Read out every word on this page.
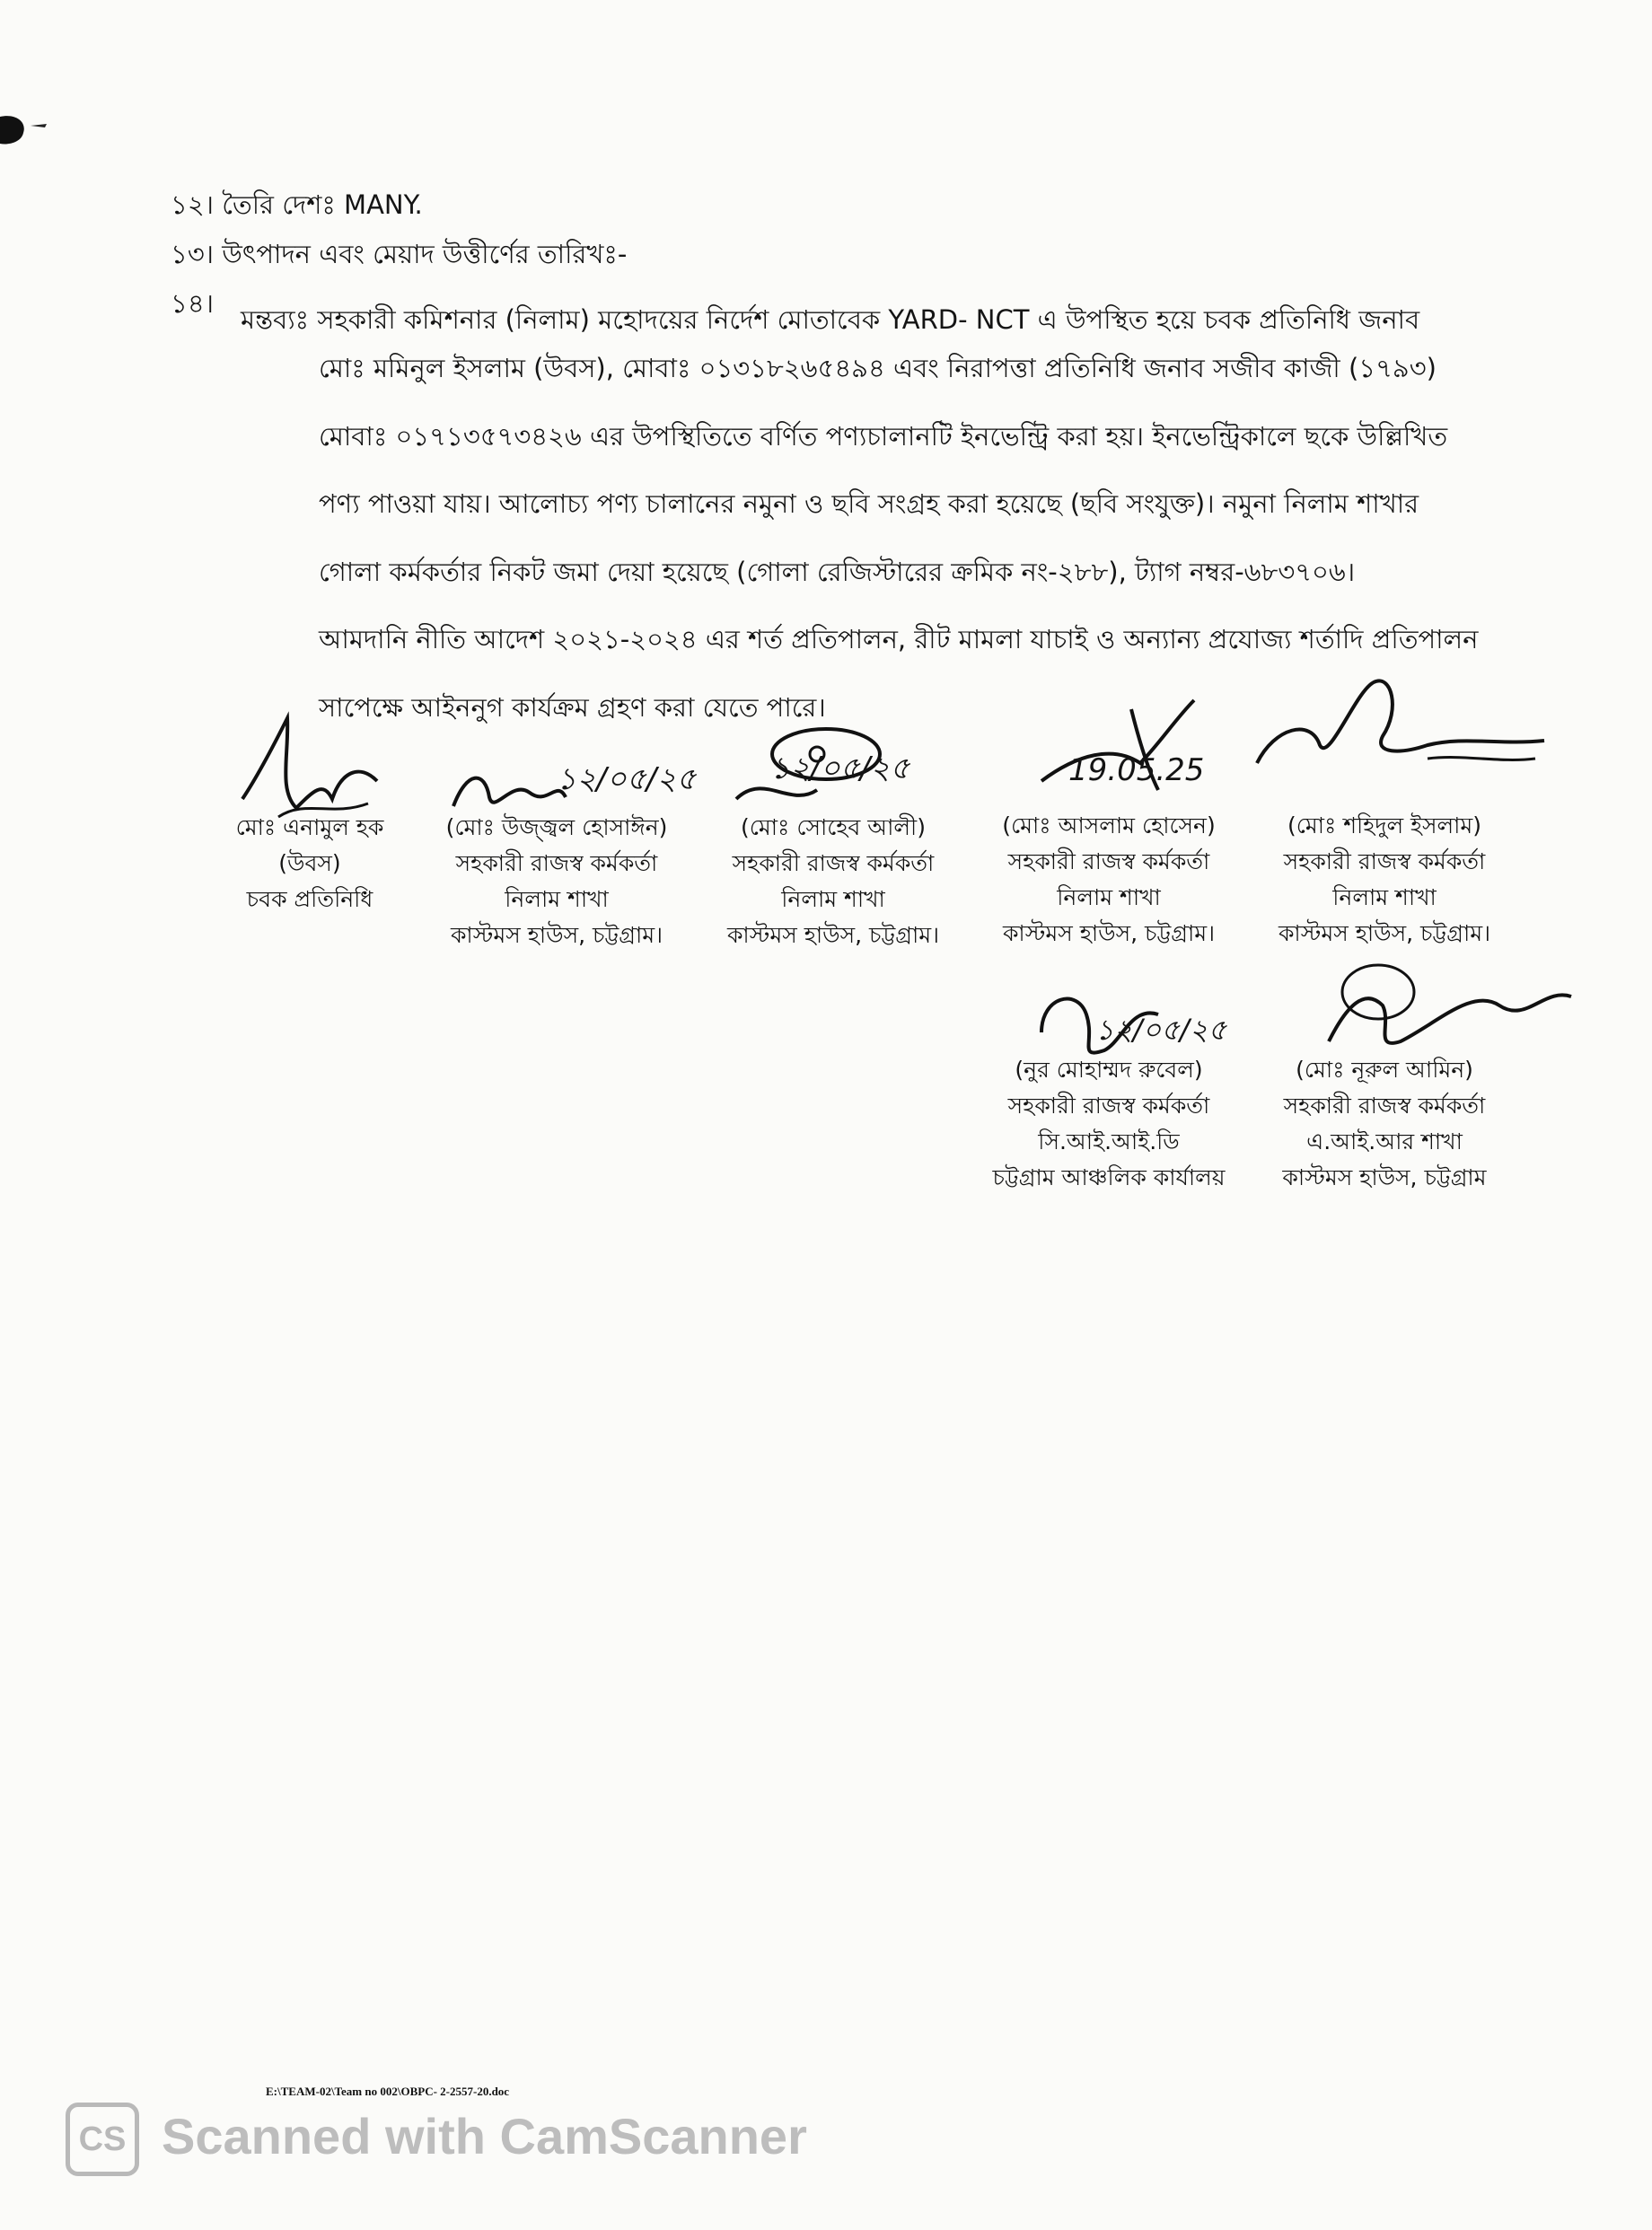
১২। তৈরি দেশঃ MANY.
১৩। উৎপাদন এবং মেয়াদ উত্তীর্ণের তারিখঃ-
১৪।
মন্তব্যঃ সহকারী কমিশনার (নিলাম) মহোদয়ের নির্দেশ মোতাবেক YARD- NCT এ উপস্থিত হয়ে চবক প্রতিনিধি জনাব
মোঃ মমিনুল ইসলাম (উবস), মোবাঃ ০১৩১৮২৬৫৪৯৪ এবং নিরাপত্তা প্রতিনিধি জনাব সজীব কাজী (১৭৯৩)
মোবাঃ ০১৭১৩৫৭৩৪২৬ এর উপস্থিতিতে বর্ণিত পণ্যচালানটি ইনভেন্ট্রি করা হয়। ইনভেন্ট্রিকালে ছকে উল্লিখিত
পণ্য পাওয়া যায়। আলোচ্য পণ্য চালানের নমুনা ও ছবি সংগ্রহ করা হয়েছে (ছবি সংযুক্ত)। নমুনা নিলাম শাখার
গোলা কর্মকর্তার নিকট জমা দেয়া হয়েছে (গোলা রেজিস্টারের ক্রমিক নং-২৮৮), ট্যাগ নম্বর-৬৮৩৭০৬।
আমদানি নীতি আদেশ ২০২১-২০২৪ এর শর্ত প্রতিপালন, রীট মামলা যাচাই ও অন্যান্য প্রযোজ্য শর্তাদি প্রতিপালন
সাপেক্ষে আইননুগ কার্যক্রম গ্রহণ করা যেতে পারে।
১২/০৫/২৫ ১২/০৫/২৫	19.05.25
১২/০৫/২৫
মোঃ এনামুল হক
(উবস)
চবক প্রতিনিধি
(মোঃ উজ্জ্বল হোসাঈন)
সহকারী রাজস্ব কর্মকর্তা
নিলাম শাখা
কাস্টমস হাউস, চট্টগ্রাম।
(মোঃ সোহেব আলী)
সহকারী রাজস্ব কর্মকর্তা
নিলাম শাখা
কাস্টমস হাউস, চট্টগ্রাম।
(মোঃ আসলাম হোসেন)
সহকারী রাজস্ব কর্মকর্তা
নিলাম শাখা
কাস্টমস হাউস, চট্টগ্রাম।
(মোঃ শহিদুল ইসলাম)
সহকারী রাজস্ব কর্মকর্তা
নিলাম শাখা
কাস্টমস হাউস, চট্টগ্রাম।
(নুর মোহাম্মদ রুবেল)
সহকারী রাজস্ব কর্মকর্তা
সি.আই.আই.ডি
চট্টগ্রাম আঞ্চলিক কার্যালয়
(মোঃ নূরুল আমিন)
সহকারী রাজস্ব কর্মকর্তা
এ.আই.আর শাখা
কাস্টমস হাউস, চট্টগ্রাম
E:\TEAM-02\Team no 002\OBPC- 2-2557-20.doc
CS Scanned with CamScanner
